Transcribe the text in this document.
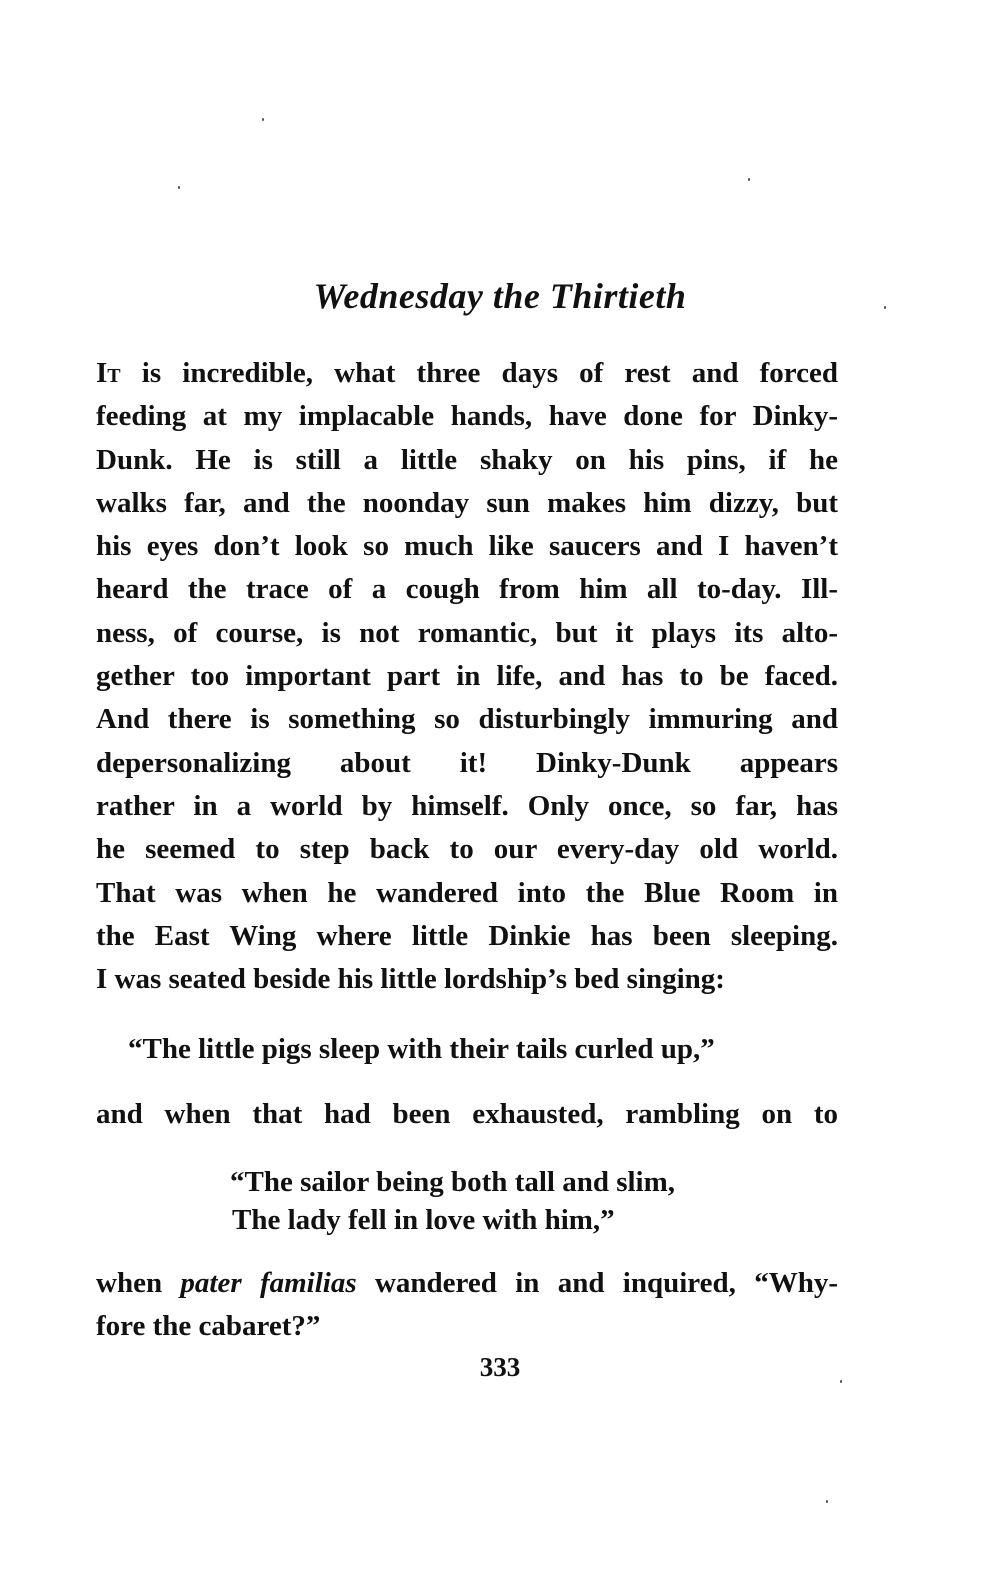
Wednesday the Thirtieth
It is incredible, what three days of rest and forced
feeding at my implacable hands, have done for Dinky-
Dunk. He is still a little shaky on his pins, if he
walks far, and the noonday sun makes him dizzy, but
his eyes don’t look so much like saucers and I haven’t
heard the trace of a cough from him all to-day. Ill-
ness, of course, is not romantic, but it plays its alto-
gether too important part in life, and has to be faced.
And there is something so disturbingly immuring and
depersonalizing about it! Dinky-Dunk appears
rather in a world by himself. Only once, so far, has
he seemed to step back to our every-day old world.
That was when he wandered into the Blue Room in
the East Wing where little Dinkie has been sleeping.
I was seated beside his little lordship’s bed singing:
“The little pigs sleep with their tails curled up,”
and when that had been exhausted, rambling on to
“The sailor being both tall and slim,
The lady fell in love with him,”
when pater familias wandered in and inquired, “Why-
fore the cabaret?”
333
